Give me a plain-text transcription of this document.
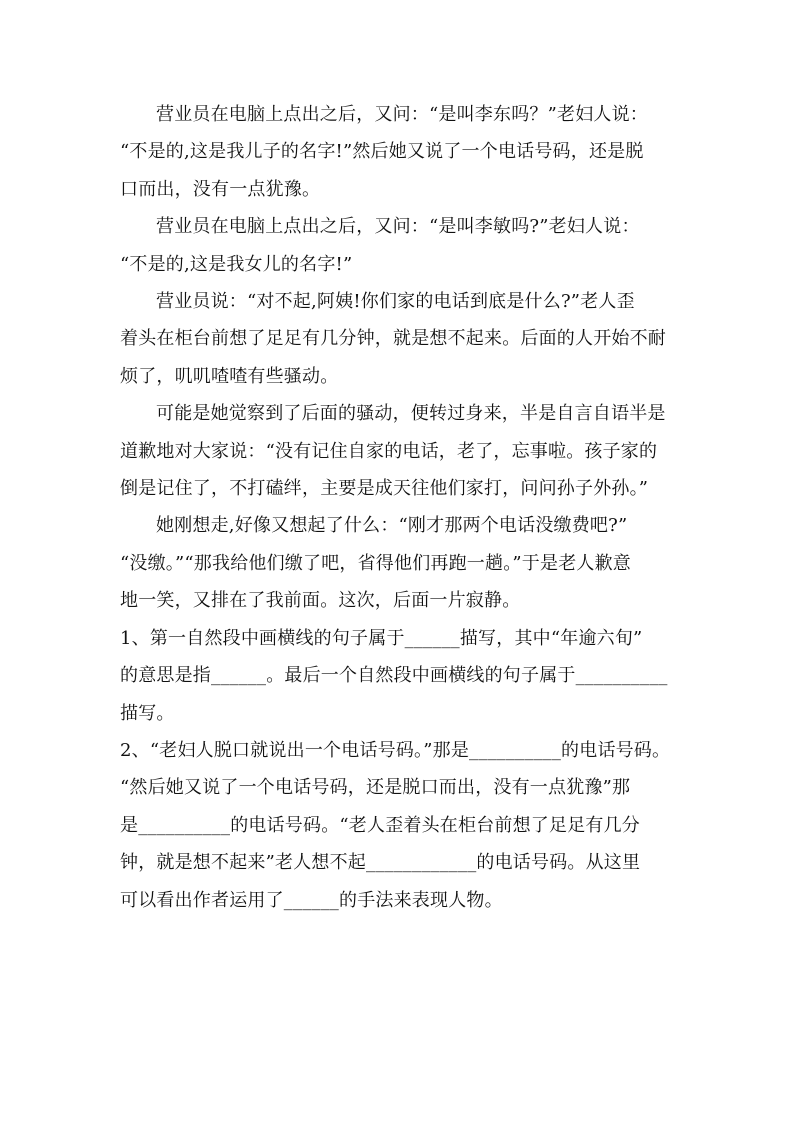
营业员在电脑上点出之后，又问：“是叫李东吗？”老妇人说：
“不是的,这是我儿子的名字!”然后她又说了一个电话号码，还是脱
口而出，没有一点犹豫。

营业员在电脑上点出之后，又问：“是叫李敏吗?”老妇人说：
“不是的,这是我女儿的名字!”

营业员说：“对不起,阿姨!你们家的电话到底是什么?”老人歪
着头在柜台前想了足足有几分钟，就是想不起来。后面的人开始不耐
烦了，叽叽喳喳有些骚动。

可能是她觉察到了后面的骚动，便转过身来，半是自言自语半是
道歉地对大家说：“没有记住自家的电话，老了，忘事啦。孩子家的
倒是记住了，不打磕绊，主要是成天往他们家打，问问孙子外孙。”

她刚想走,好像又想起了什么：“刚才那两个电话没缴费吧?”
“没缴。”“那我给他们缴了吧，省得他们再跑一趟。”于是老人歉意
地一笑，又排在了我前面。这次，后面一片寂静。

1、第一自然段中画横线的句子属于______描写，其中“年逾六旬”
的意思是指______。最后一个自然段中画横线的句子属于__________
描写。

2、“老妇人脱口就说出一个电话号码。”那是__________的电话号码。
“然后她又说了一个电话号码，还是脱口而出，没有一点犹豫”那
是__________的电话号码。“老人歪着头在柜台前想了足足有几分
钟，就是想不起来”老人想不起____________的电话号码。从这里
可以看出作者运用了______的手法来表现人物。
